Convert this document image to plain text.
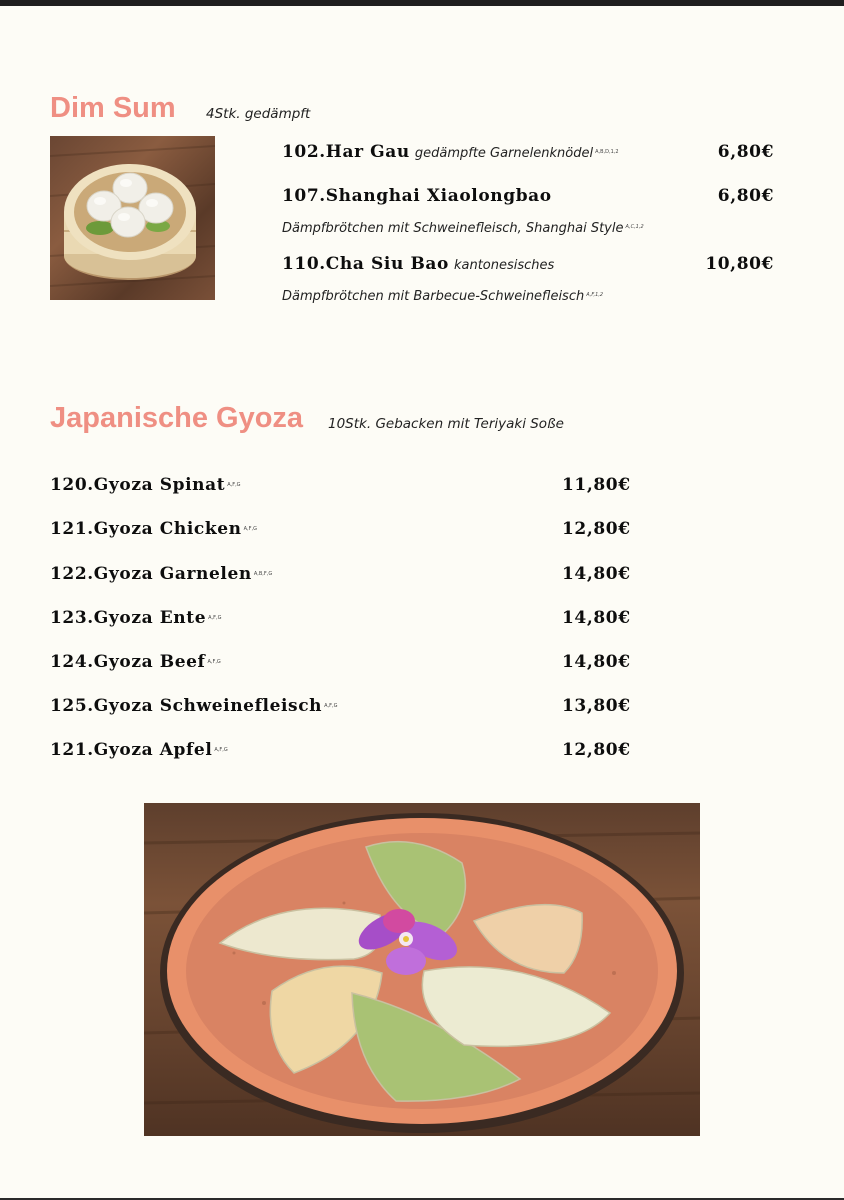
Dim Sum 4Stk. gedämpft
102.Har Gau gedämpfte Garnelenknödel $^{A,B,D,1,2}$	6,80€
107.Shanghai Xiaolongbao	6,80€
Dämpfbrötchen mit Schweinefleisch, Shanghai Style $^{A,C,1,2}$
110.Cha Siu Bao kantonesisches	10,80€
Dämpfbrötchen mit Barbecue-Schweinefleisch $^{A,F,1,2}$
Japanische Gyoza 10Stk. Gebacken mit Teriyaki Soße
120.Gyoza Spinat $^{A,F,G}$	11,80€
121.Gyoza Chicken $^{A,F,G}$	12,80€
122.Gyoza Garnelen $^{A,B,F,G}$	14,80€
123.Gyoza Ente $^{A,F,G}$	14,80€
124.Gyoza Beef $^{A,F,G}$	14,80€
125.Gyoza Schweinefleisch $^{A,F,G}$	13,80€
121.Gyoza Apfel $^{A,F,G}$	12,80€
